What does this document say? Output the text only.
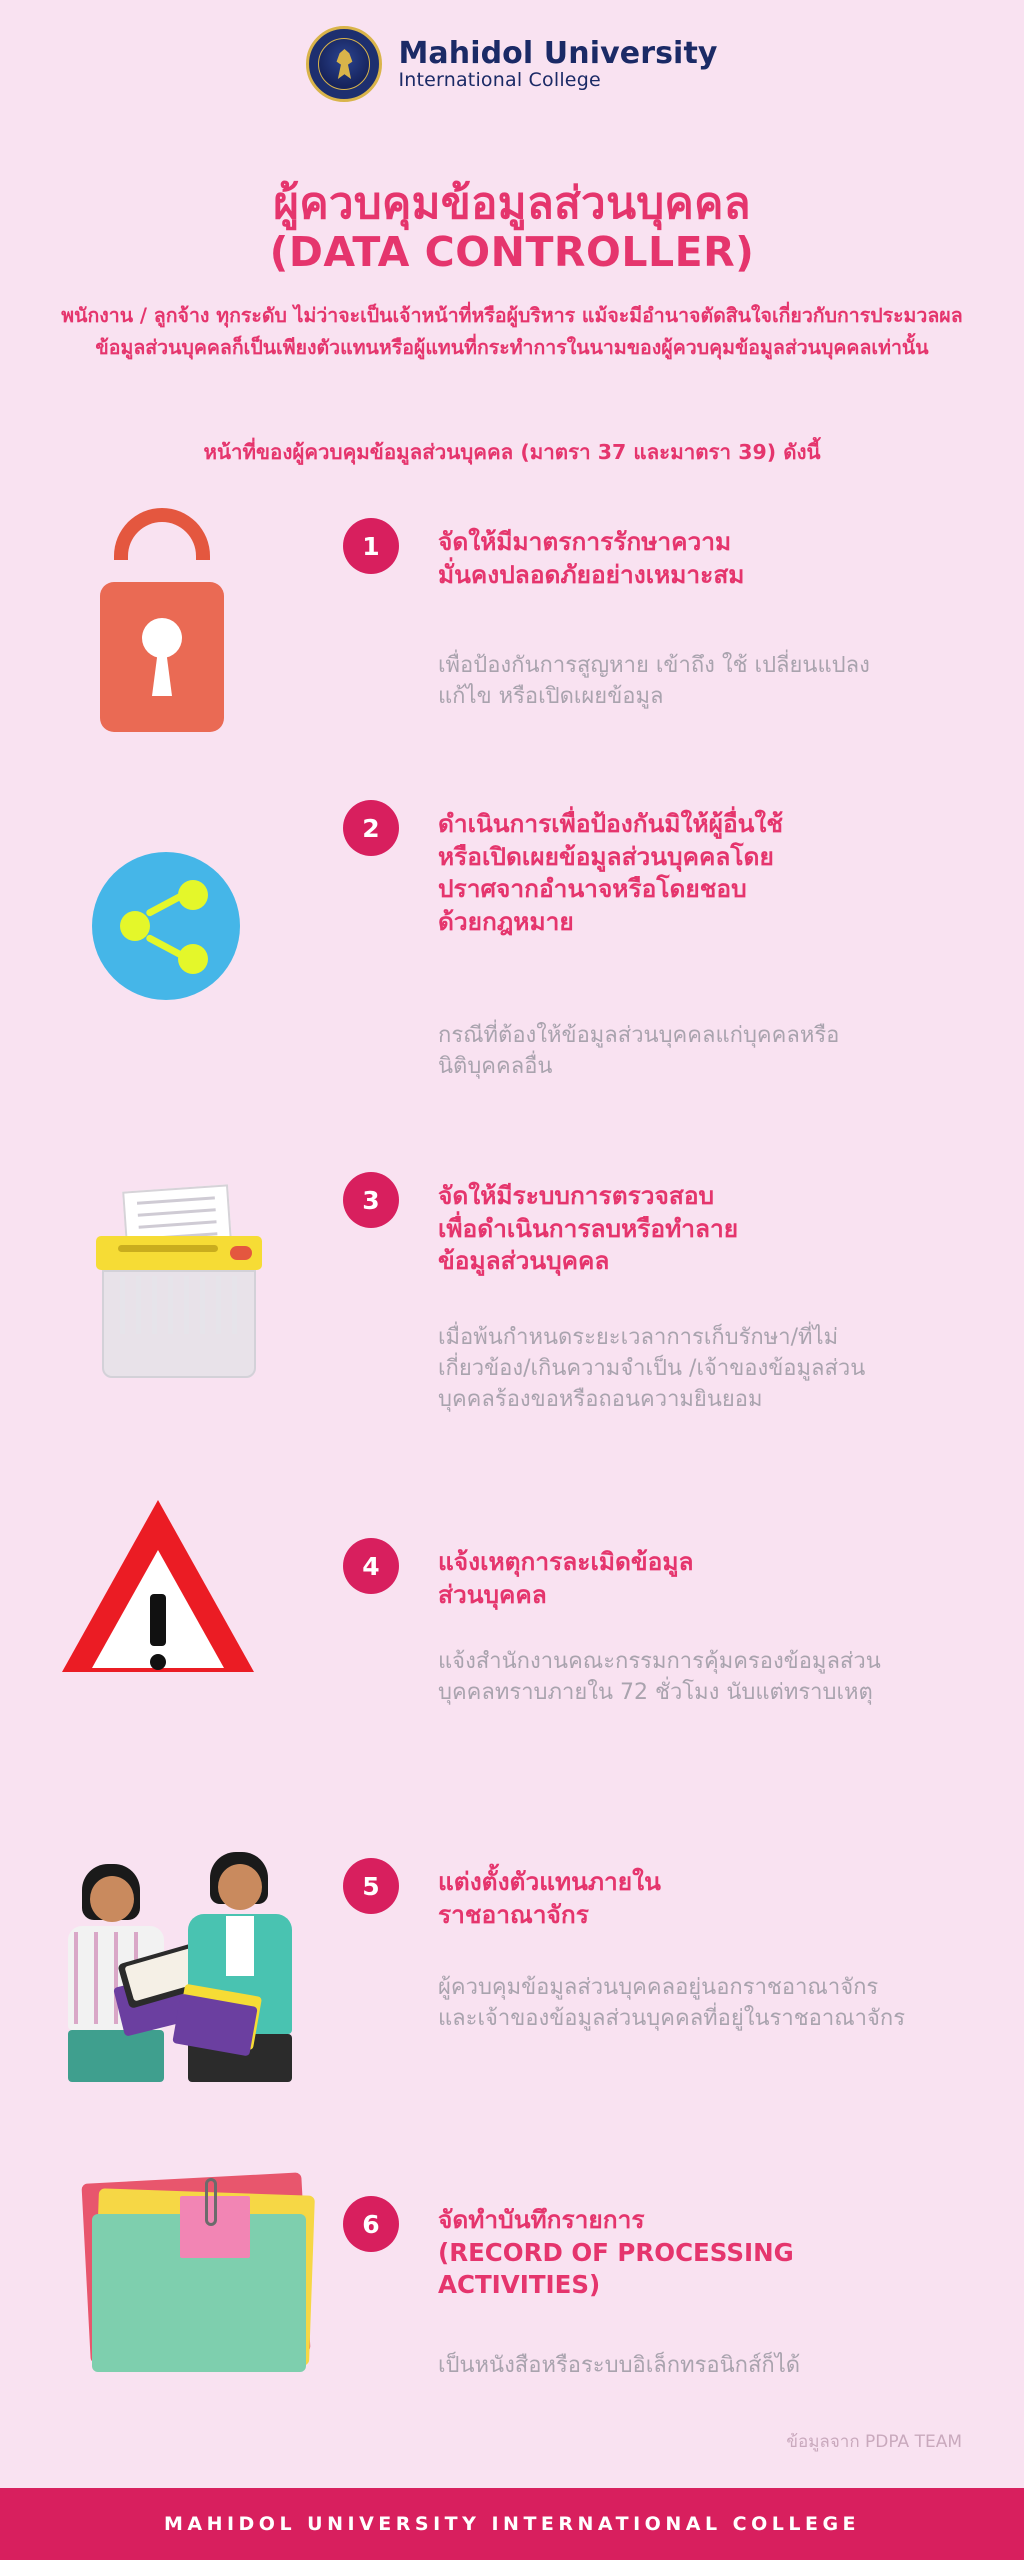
Mahidol University
International College
ผู้ควบคุมข้อมูลส่วนบุคคล
(DATA CONTROLLER)
พนักงาน / ลูกจ้าง ทุกระดับ ไม่ว่าจะเป็นเจ้าหน้าที่หรือผู้บริหาร แม้จะมีอำนาจตัดสินใจเกี่ยวกับการประมวลผลข้อมูลส่วนบุคคลก็เป็นเพียงตัวแทนหรือผู้แทนที่กระทำการในนามของผู้ควบคุมข้อมูลส่วนบุคคลเท่านั้น
หน้าที่ของผู้ควบคุมข้อมูลส่วนบุคคล (มาตรา 37 และมาตรา 39) ดังนี้
1	จัดให้มีมาตรการรักษาความ
มั่นคงปลอดภัยอย่างเหมาะสม
เพื่อป้องกันการสูญหาย เข้าถึง ใช้ เปลี่ยนแปลง แก้ไข หรือเปิดเผยข้อมูล
2	ดำเนินการเพื่อป้องกันมิให้ผู้อื่นใช้
หรือเปิดเผยข้อมูลส่วนบุคคลโดย
ปราศจากอำนาจหรือโดยชอบ
ด้วยกฎหมาย
กรณีที่ต้องให้ข้อมูลส่วนบุคคลแก่บุคคลหรือนิติบุคคลอื่น
3	จัดให้มีระบบการตรวจสอบ
เพื่อดำเนินการลบหรือทำลาย
ข้อมูลส่วนบุคคล
เมื่อพ้นกำหนดระยะเวลาการเก็บรักษา/ที่ไม่เกี่ยวข้อง/เกินความจำเป็น /เจ้าของข้อมูลส่วนบุคคลร้องขอหรือถอนความยินยอม
4	แจ้งเหตุการละเมิดข้อมูล
ส่วนบุคคล
แจ้งสำนักงานคณะกรรมการคุ้มครองข้อมูลส่วนบุคคลทราบภายใน 72 ชั่วโมง นับแต่ทราบเหตุ
5	แต่งตั้งตัวแทนภายใน
ราชอาณาจักร
ผู้ควบคุมข้อมูลส่วนบุคคลอยู่นอกราชอาณาจักร และเจ้าของข้อมูลส่วนบุคคลที่อยู่ในราชอาณาจักร
6	จัดทำบันทึกรายการ
(RECORD OF PROCESSING
ACTIVITIES)
เป็นหนังสือหรือระบบอิเล็กทรอนิกส์ก็ได้
ข้อมูลจาก PDPA TEAM
MAHIDOL UNIVERSITY INTERNATIONAL COLLEGE
